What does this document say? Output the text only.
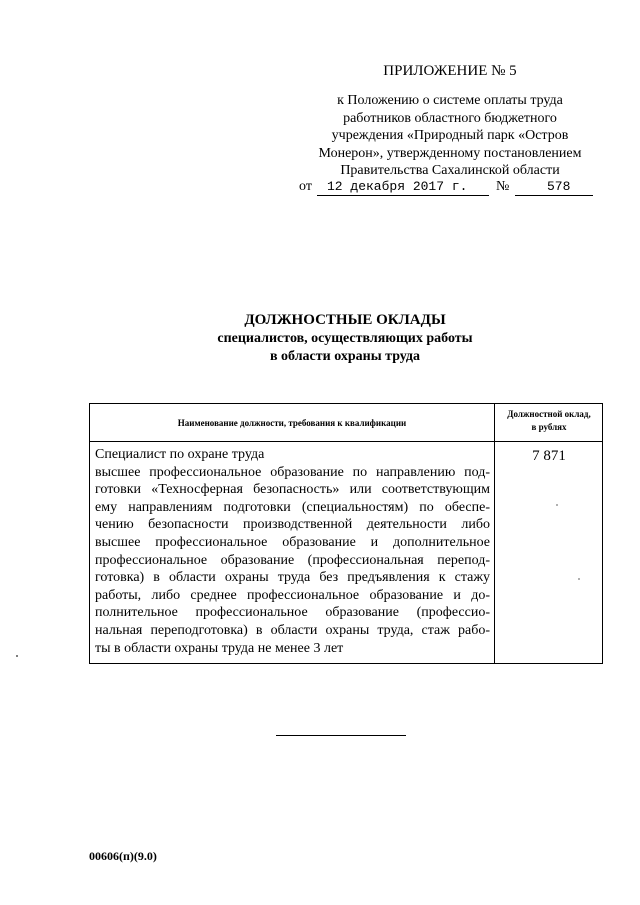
ПРИЛОЖЕНИЕ № 5
к Положению о системе оплаты труда
работников областного бюджетного
учреждения «Природный парк «Остров
Монерон», утвержденному постановлением
Правительства Сахалинской области
от 12 декабря 2017 г. №	578
ДОЛЖНОСТНЫЕ ОКЛАДЫ
специалистов, осуществляющих работы
в области охраны труда
Наименование должности, требования к квалификации
Должностной оклад,
в рублях
Специалист по охране труда
высшее профессиональное образование по направлению под-
готовки «Техносферная безопасность» или соответствующим
ему направлениям подготовки (специальностям) по обеспе-
чению безопасности производственной деятельности либо
высшее профессиональное образование и дополнительное
профессиональное образование (профессиональная перепод-
готовка) в области охраны труда без предъявления к стажу
работы, либо среднее профессиональное образование и до-
полнительное профессиональное образование (профессио-
нальная переподготовка) в области охраны труда, стаж рабо-
ты в области охраны труда не менее 3 лет
7 871
00606(п)(9.0)
